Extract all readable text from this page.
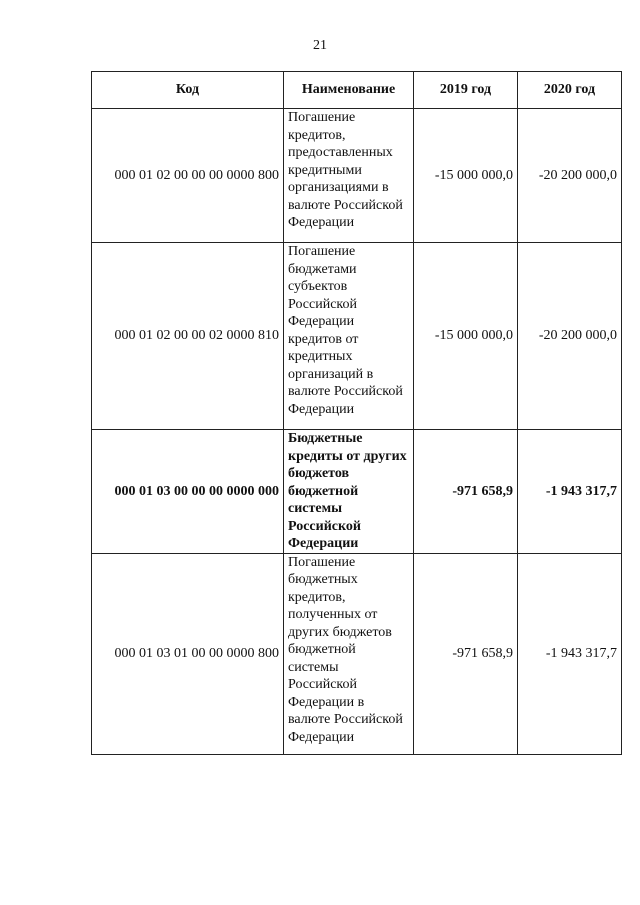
21
Код	Наименование	2019 год	2020 год
000 01 02 00 00 00 0000 800	Погашение кредитов, предоставленных кредитными организациями в валюте Российской Федерации	-15 000 000,0	-20 200 000,0
000 01 02 00 00 02 0000 810	Погашение бюджетами субъектов Российской Федерации кредитов от кредитных организаций в валюте Российской Федерации	-15 000 000,0	-20 200 000,0
000 01 03 00 00 00 0000 000	Бюджетные кредиты от других бюджетов бюджетной системы Российской Федерации	-971 658,9	-1 943 317,7
000 01 03 01 00 00 0000 800	Погашение бюджетных кредитов, полученных от других бюджетов бюджетной системы Российской Федерации в валюте Российской Федерации	-971 658,9	-1 943 317,7
